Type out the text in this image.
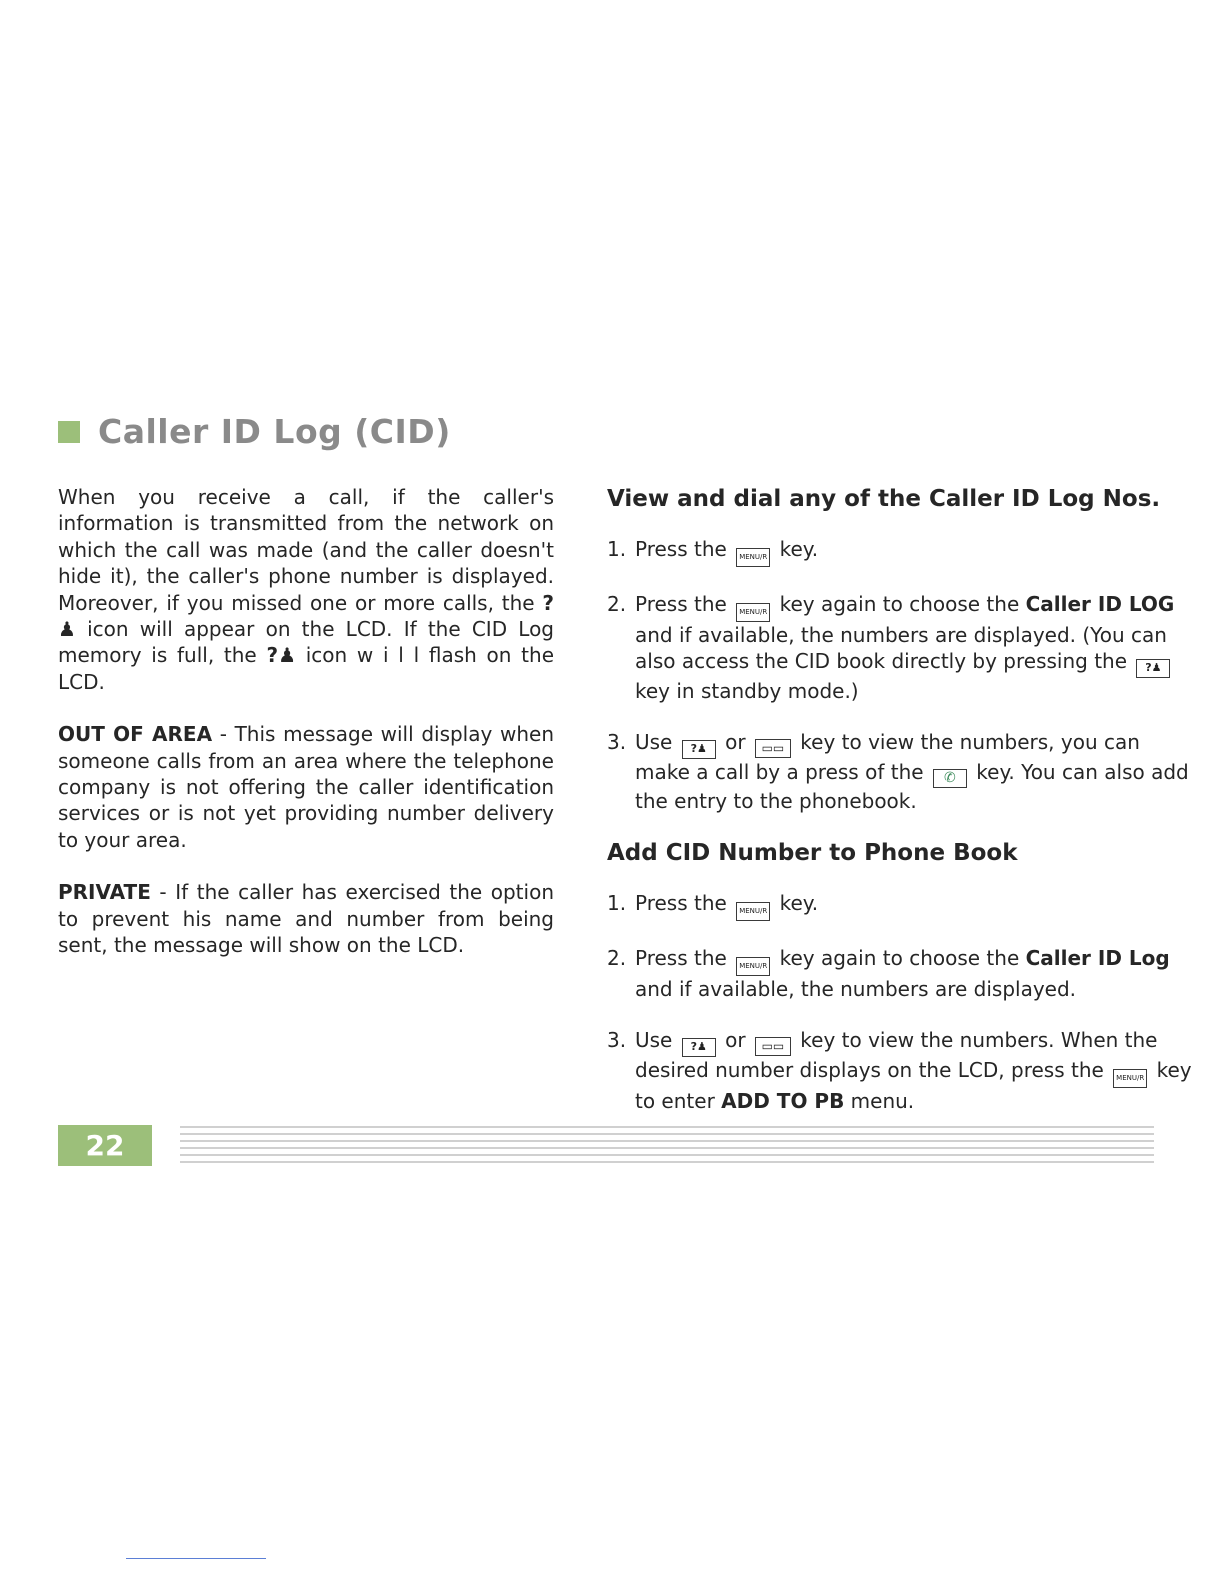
Caller ID Log (CID)

When you receive a call, if the caller's information is transmitted from the network on which the call was made (and the caller doesn't hide it), the caller's phone number is displayed. Moreover, if you missed one or more calls, the ?♟ icon will appear on the LCD. If the CID Log memory is full, the ?♟ icon w i l l flash on the LCD.

OUT OF AREA - This message will display when someone calls from an area where the telephone company is not offering the caller identification services or is not yet providing number delivery to your area.

PRIVATE - If the caller has exercised the option to prevent his name and number from being sent, the message will show on the LCD.

View and dial any of the Caller ID Log Nos.
1. Press the MENU/R key.
2. Press the MENU/R key again to choose the Caller ID LOG and if available, the numbers are displayed. (You can also access the CID book directly by pressing the ?♟ key in standby mode.)
3. Use ?♟ or ▭▭ key to view the numbers, you can make a call by a press of the ✆ key. You can also add the entry to the phonebook.
Add CID Number to Phone Book
1. Press the MENU/R key.
2. Press the MENU/R key again to choose the Caller ID Log and if available, the numbers are displayed.
3. Use ?♟ or ▭▭ key to view the numbers. When the desired number displays on the LCD, press the MENU/R key to enter ADD TO PB menu.
22
